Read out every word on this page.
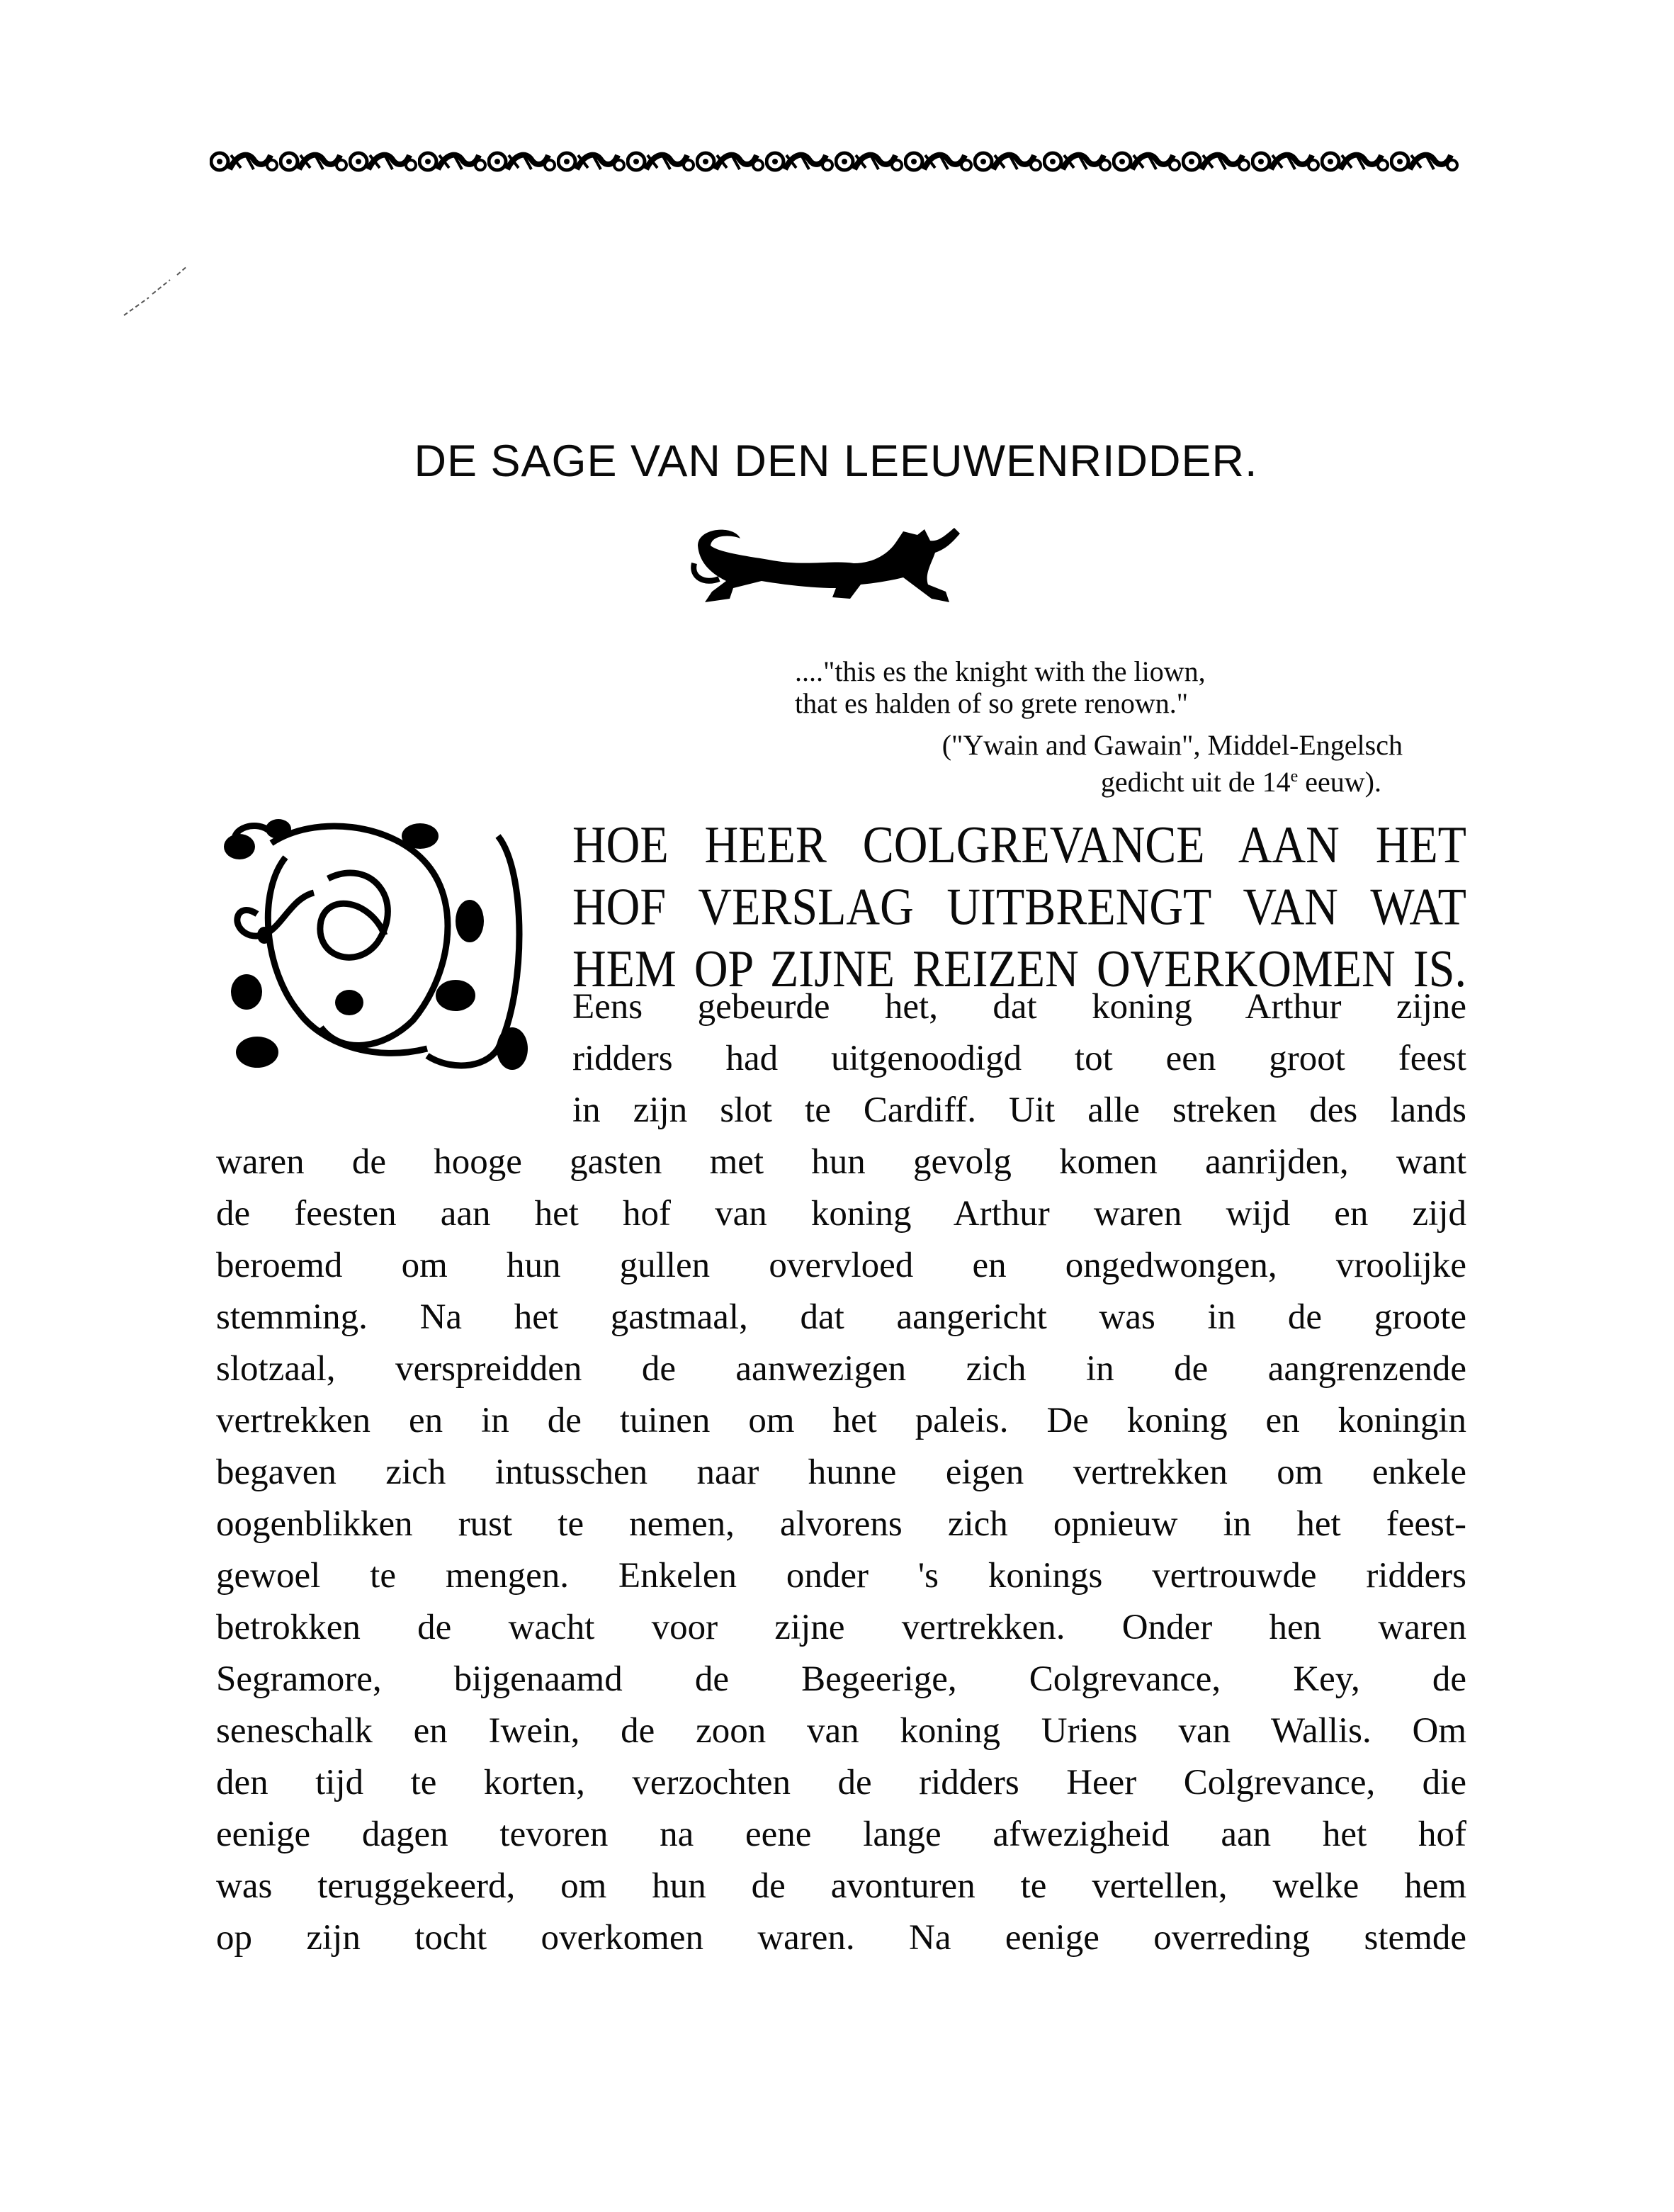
DE SAGE VAN DEN LEEUWENRIDDER.
...."this es the knight with the liown,
that es halden of so grete renown."
("Ywain and Gawain", Middel-Engelsch
gedicht uit de 14e eeuw).
HOE HEER COLGREVANCE AAN HET
HOF VERSLAG UITBRENGT VAN WAT
HEM OP ZIJNE REIZEN OVERKOMEN IS.
Eens gebeurde het, dat koning Arthur zijne
ridders had uitgenoodigd tot een groot feest
in zijn slot te Cardiff. Uit alle streken des lands
waren de hooge gasten met hun gevolg komen aanrijden, want
de feesten aan het hof van koning Arthur waren wijd en zijd
beroemd om hun gullen overvloed en ongedwongen, vroolijke
stemming. Na het gastmaal, dat aangericht was in de groote
slotzaal, verspreidden de aanwezigen zich in de aangrenzende
vertrekken en in de tuinen om het paleis. De koning en koningin
begaven zich intusschen naar hunne eigen vertrekken om enkele
oogenblikken rust te nemen, alvorens zich opnieuw in het feest-
gewoel te mengen. Enkelen onder 's konings vertrouwde ridders
betrokken de wacht voor zijne vertrekken. Onder hen waren
Segramore, bijgenaamd de Begeerige, Colgrevance, Key, de
seneschalk en Iwein, de zoon van koning Uriens van Wallis. Om
den tijd te korten, verzochten de ridders Heer Colgrevance, die
eenige dagen tevoren na eene lange afwezigheid aan het hof
was teruggekeerd, om hun de avonturen te vertellen, welke hem
op zijn tocht overkomen waren. Na eenige overreding stemde
